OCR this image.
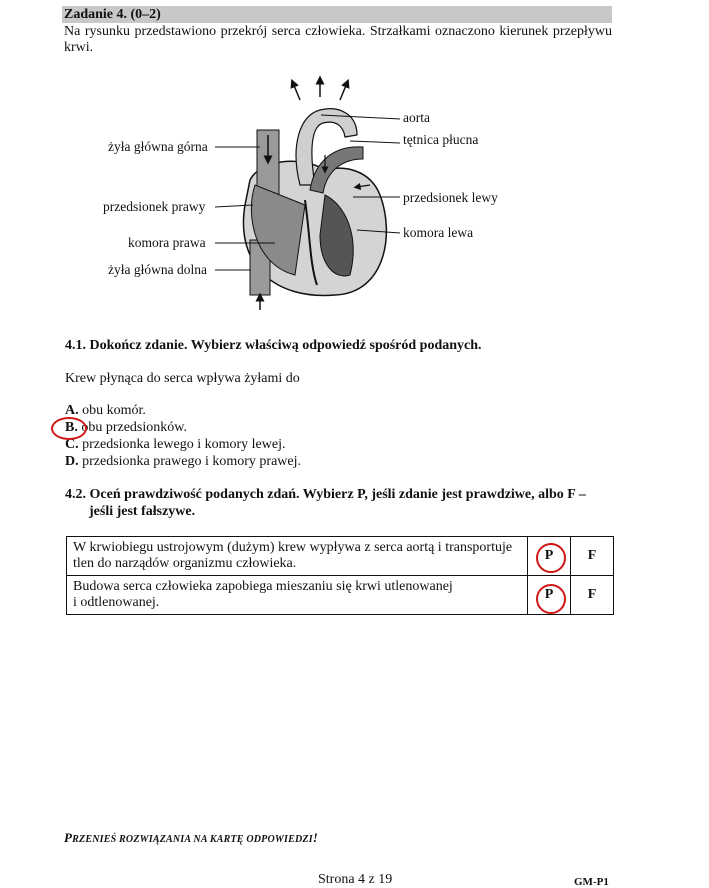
Zadanie 4. (0–2)
Na rysunku przedstawiono przekrój serca człowieka. Strzałkami oznaczono kierunek przepływu krwi.
aorta
tętnica płucna
żyła główna górna
przedsionek prawy
przedsionek lewy
komora lewa
komora prawa
żyła główna dolna
4.1. Dokończ zdanie. Wybierz właściwą odpowiedź spośród podanych.
Krew płynąca do serca wpływa żyłami do
A. obu komór.
B. obu przedsionków.
C. przedsionka lewego i komory lewej.
D. przedsionka prawego i komory prawej.
4.2. Oceń prawdziwość podanych zdań. Wybierz P, jeśli zdanie jest prawdziwe, albo F –
jeśli jest fałszywe.
W krwiobiegu ustrojowym (dużym) krew wypływa z serca aortą i transportuje
tlen do narządów organizmu człowieka.	P	F
Budowa serca człowieka zapobiega mieszaniu się krwi utlenowanej
i odtlenowanej.	P	F
PRZENIEŚ ROZWIĄZANIA NA KARTĘ ODPOWIEDZI!
Strona 4 z 19	GM-P1
